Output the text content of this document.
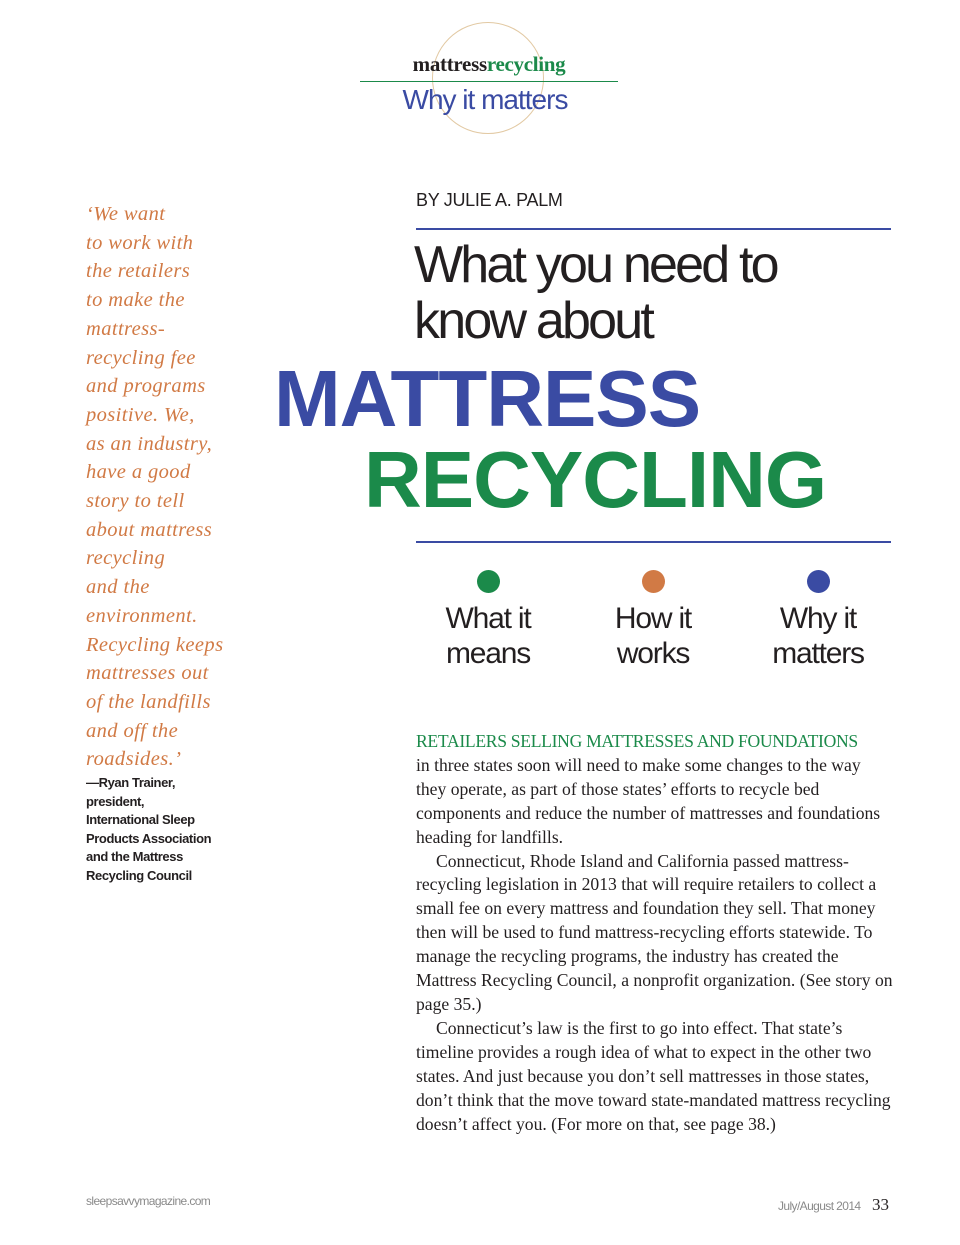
mattressrecycling
Why it matters
‘We want
to work with
the retailers
to make the
mattress-
recycling fee
and programs
positive. We,
as an industry,
have a good
story to tell
about mattress
recycling
and the
environment.
Recycling keeps
mattresses out
of the landfills
and off the
roadsides.’
—Ryan Trainer,
president,
International Sleep
Products Association
and the Mattress
Recycling Council
BY JULIE A. PALM
What you need to
know about
MATTRESS
RECYCLING
What it
means
How it
works
Why it
matters

RETAILERS SELLING MATTRESSES AND FOUNDATIONS
in three states soon will need to make some changes to the way they operate, as part of those states’ efforts to recycle bed components and reduce the number of mattresses and foundations heading for landfills.

Connecticut, Rhode Island and California passed mattress-recycling legislation in 2013 that will require retailers to collect a small fee on every mattress and foundation they sell. That money then will be used to fund mattress-recycling efforts statewide. To manage the recycling programs, the industry has created the Mattress Recycling Council, a nonprofit organization. (See story on page 35.)

Connecticut’s law is the first to go into effect. That state’s timeline provides a rough idea of what to expect in the other two states. And just because you don’t sell mattresses in those states, don’t think that the move toward state-mandated mattress recycling doesn’t affect you. (For more on that, see page 38.)

sleepsavvymagazine.com	July/August 2014 33
